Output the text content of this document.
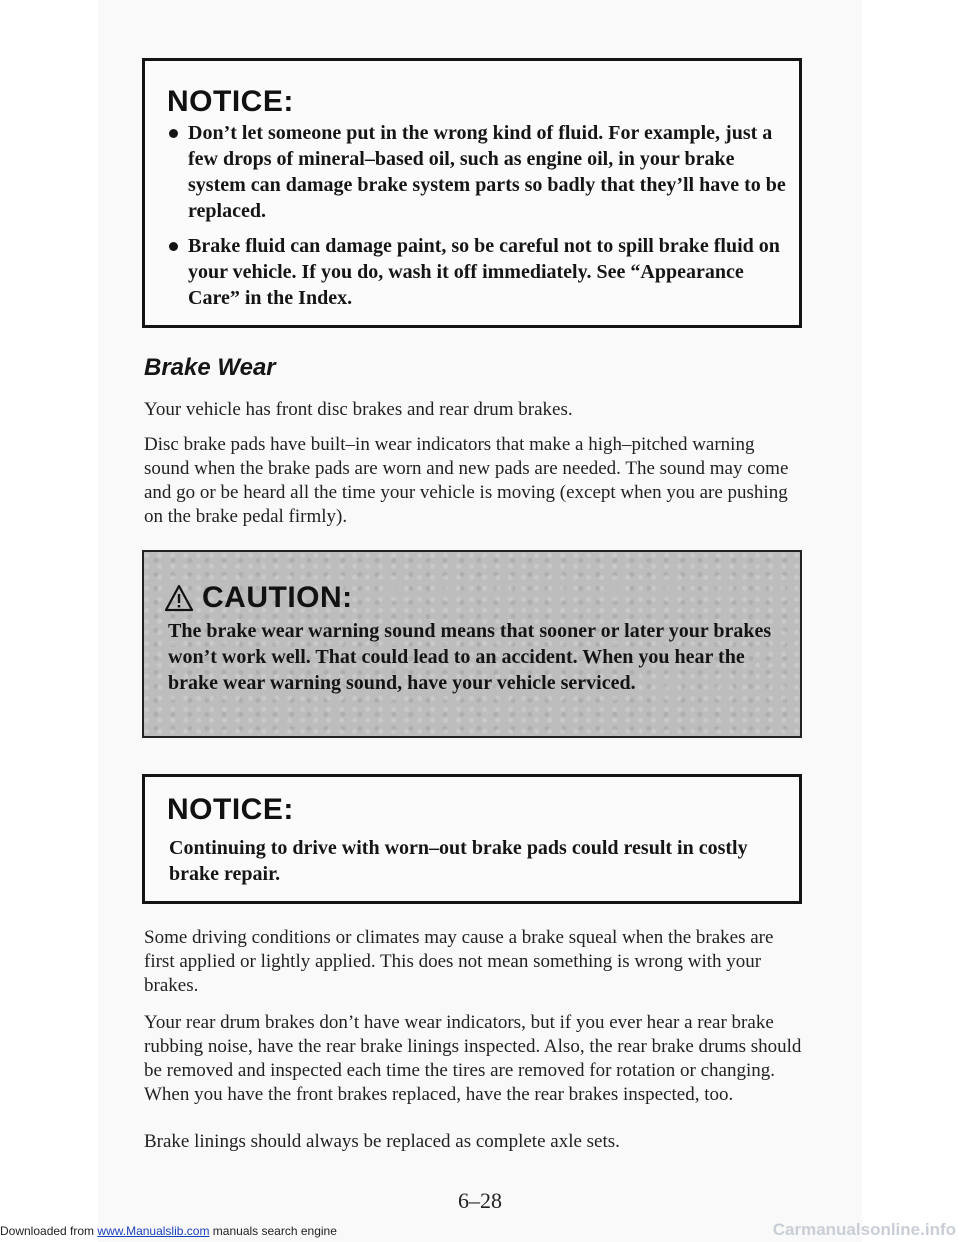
NOTICE:
Don’t let someone put in the wrong kind of fluid. For example, just a few drops of mineral–based oil, such as engine oil, in your brake system can damage brake system parts so badly that they’ll have to be replaced.
Brake fluid can damage paint, so be careful not to spill brake fluid on your vehicle. If you do, wash it off immediately. See “Appearance Care” in the Index.
Brake Wear
Your vehicle has front disc brakes and rear drum brakes.
Disc brake pads have built–in wear indicators that make a high–pitched warning sound when the brake pads are worn and new pads are needed. The sound may come and go or be heard all the time your vehicle is moving (except when you are pushing on the brake pedal firmly).
CAUTION:
The brake wear warning sound means that sooner or later your brakes won’t work well. That could lead to an accident. When you hear the brake wear warning sound, have your vehicle serviced.
NOTICE:
Continuing to drive with worn–out brake pads could result in costly brake repair.
Some driving conditions or climates may cause a brake squeal when the brakes are first applied or lightly applied. This does not mean something is wrong with your brakes.
Your rear drum brakes don’t have wear indicators, but if you ever hear a rear brake rubbing noise, have the rear brake linings inspected. Also, the rear brake drums should be removed and inspected each time the tires are removed for rotation or changing. When you have the front brakes replaced, have the rear brakes inspected, too.
Brake linings should always be replaced as complete axle sets.
6–28
Downloaded from www.Manualslib.com manuals search engine	Carmanualsonline.info
